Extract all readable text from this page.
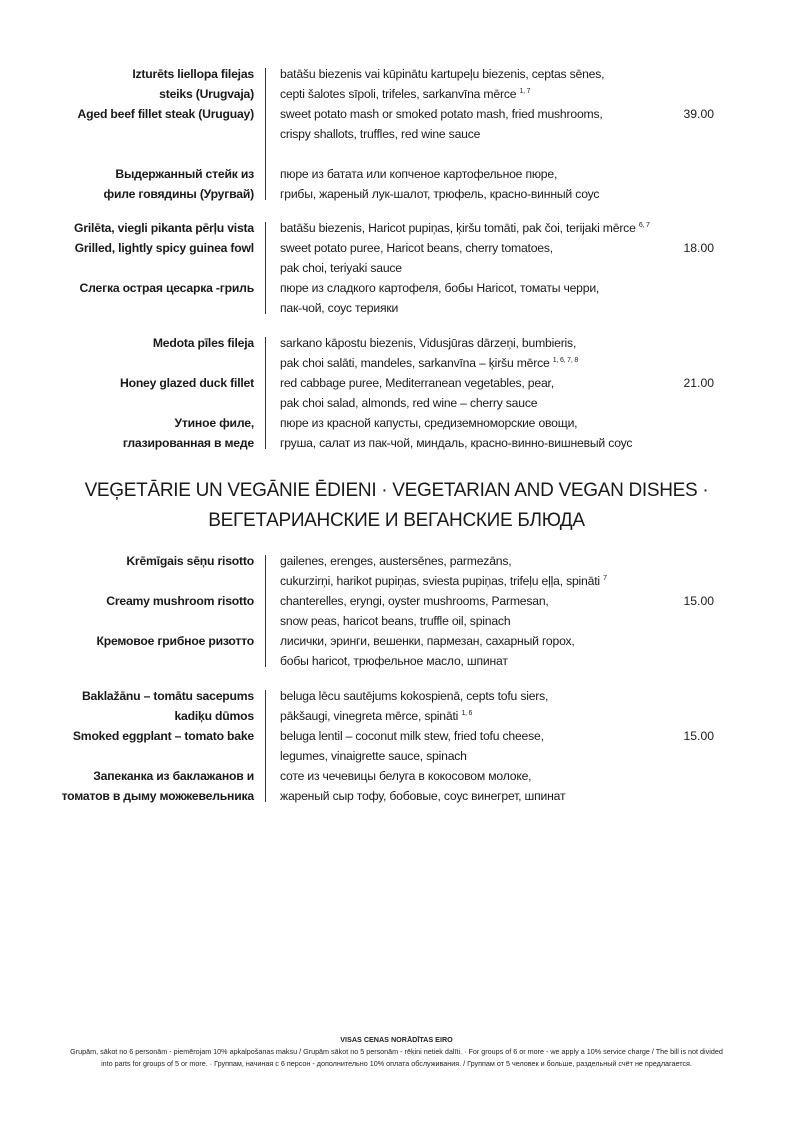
Izturēts liellopa filejas
steiks (Urugvaja)
Aged beef fillet steak (Uruguay)
Выдержанный стейк из
филе говядины (Уругвай)
batāšu biezenis vai kūpinātu kartupeļu biezenis, ceptas sēnes,
cepti šalotes sīpoli, trifeles, sarkanvīna mērce $^{1, 7}$
sweet potato mash or smoked potato mash, fried mushrooms,
crispy shallots, truffles, red wine sauce
пюре из батата или копченое картофельное пюре,
грибы, жареный лук-шалот, трюфель, красно-винный соус
39.00
Grilēta, viegli pikanta pērļu vista
Grilled, lightly spicy guinea fowl
Слегка острая цесарка -гриль
batāšu biezenis, Haricot pupiņas, ķiršu tomāti, pak čoi, terijaki mērce $^{6, 7}$
sweet potato puree, Haricot beans, cherry tomatoes,
pak choi, teriyaki sauce
пюре из сладкого картофеля, бобы Haricot, томаты черри,
пак-чой, соус терияки
18.00
Medota pīles fileja
Honey glazed duck fillet
Утиное филе,
глазированная в меде
sarkano kāpostu biezenis, Vidusjūras dārzeņi, bumbieris,
pak choi salāti, mandeles, sarkanvīna – ķiršu mērce $^{1, 6, 7, 8}$
red cabbage puree, Mediterranean vegetables, pear,
pak choi salad, almonds, red wine – cherry sauce
пюре из красной капусты, средиземноморские овощи,
груша, салат из пак-чой, миндаль, красно-винно-вишневый соус
21.00
VEĢETĀRIE UN VEGĀNIE ĒDIENI · VEGETARIAN AND VEGAN DISHES ·
ВЕГЕТАРИАНСКИЕ И ВЕГАНСКИЕ БЛЮДА
Krēmīgais sēņu risotto
Creamy mushroom risotto
Кремовое грибное ризотто
gailenes, erenges, austersēnes, parmezāns,
cukurzirņi, harikot pupiņas, sviesta pupiņas, trifeļu eļļa, spināti $^7$
chanterelles, eryngi, oyster mushrooms, Parmesan,
snow peas, haricot beans, truffle oil, spinach
лисички, эринги, вешенки, пармезан, сахарный горох,
бобы haricot, трюфельное масло, шпинат
15.00
Baklažānu – tomātu sacepums
kadiķu dūmos
Smoked eggplant – tomato bake
Запеканка из баклажанов и
томатов в дыму можжевельника
beluga lēcu sautējums kokospienā, cepts tofu siers,
pākšaugi, vinegreta mērce, spināti $^{1, 6}$
beluga lentil – coconut milk stew, fried tofu cheese,
legumes, vinaigrette sauce, spinach
соте из чечевицы белуга в кокосовом молоке,
жареный сыр тофу, бобовые, соус винегрет, шпинат
15.00
VISAS CENAS NORĀDĪTAS EIRO
Grupām, sākot no 6 personām - piemērojam 10% apkalpošanas maksu / Grupām sākot no 5 personām - rēķini netiek dalīti. · For groups of 6 or more - we apply a 10% service charge / The bill is not divided
into parts for groups of 5 or more. · Группам, начиная с 6 персон - дополнительно 10% оплата обслуживания. / Группам от 5 человек и больше, раздельный счёт не предлагается.
